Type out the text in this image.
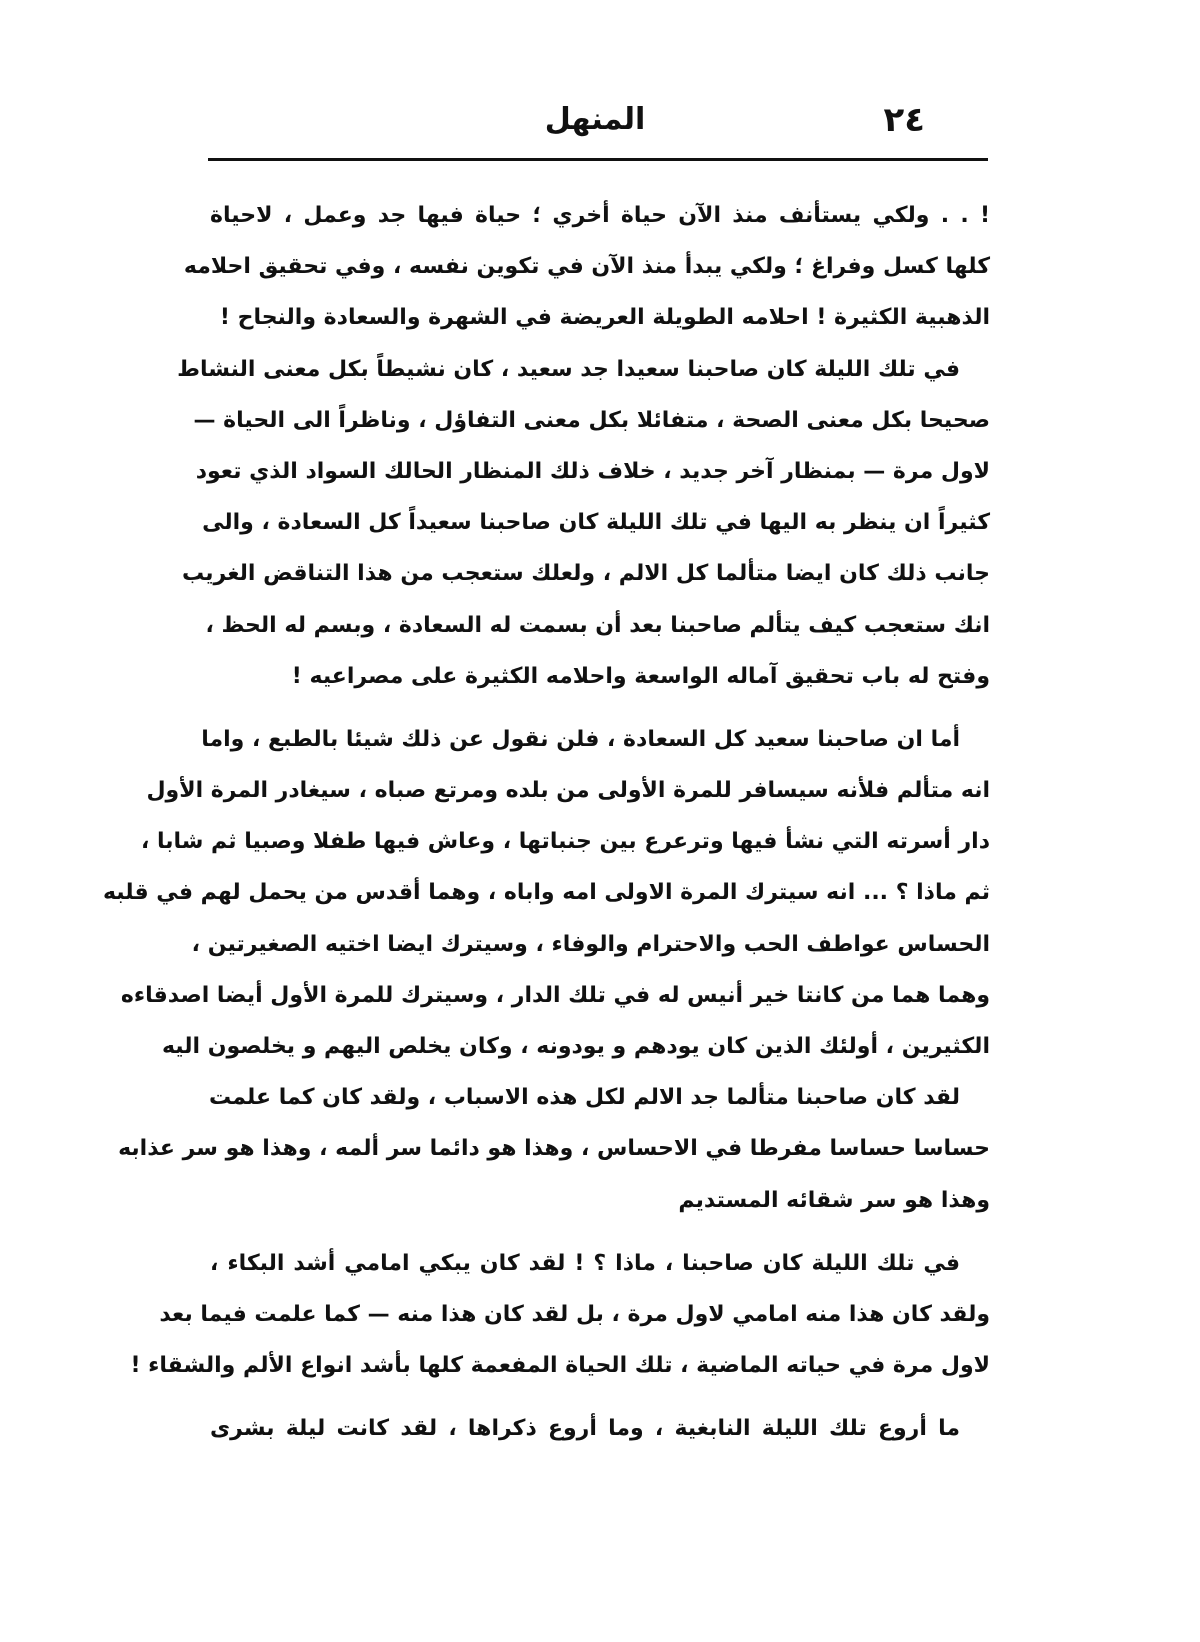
٢٤
المنهل
! . . ولكي يستأنف منذ الآن حياة أخري ؛ حياة فيها جد وعمل ، لاحياة
كلها كسل وفراغ ؛ ولكي يبدأ منذ الآن في تكوين نفسه ، وفي تحقيق احلامه
الذهبية الكثيرة ! احلامه الطويلة العريضة في الشهرة والسعادة والنجاح !
في تلك الليلة كان صاحبنا سعيدا جد سعيد ، كان نشيطاً بكل معنى النشاط
صحيحا بكل معنى الصحة ، متفائلا بكل معنى التفاؤل ، وناظراً الى الحياة —
لاول مرة — بمنظار آخر جديد ، خلاف ذلك المنظار الحالك السواد الذي تعود
كثيراً ان ينظر به اليها في تلك الليلة كان صاحبنا سعيداً كل السعادة ، والى
جانب ذلك كان ايضا متألما كل الالم ، ولعلك ستعجب من هذا التناقض الغريب
انك ستعجب كيف يتألم صاحبنا بعد أن بسمت له السعادة ، وبسم له الحظ ،
وفتح له باب تحقيق آماله الواسعة واحلامه الكثيرة على مصراعيه !
أما ان صاحبنا سعيد كل السعادة ، فلن نقول عن ذلك شيئا بالطبع ، واما
انه متألم فلأنه سيسافر للمرة الأولى من بلده ومرتع صباه ، سيغادر المرة الأول
دار أسرته التي نشأ فيها وترعرع بين جنباتها ، وعاش فيها طفلا وصبيا ثم شابا ،
ثم ماذا ؟ ... انه سيترك المرة الاولى امه واباه ، وهما أقدس من يحمل لهم في قلبه
الحساس عواطف الحب والاحترام والوفاء ، وسيترك ايضا اختيه الصغيرتين ،
وهما هما من كانتا خير أنيس له في تلك الدار ، وسيترك للمرة الأول أيضا اصدقاءه
الكثيرين ، أولئك الذين كان يودهم و يودونه ، وكان يخلص اليهم و يخلصون اليه
لقد كان صاحبنا متألما جد الالم لكل هذه الاسباب ، ولقد كان كما علمت
حساسا حساسا مفرطا في الاحساس ، وهذا هو دائما سر ألمه ، وهذا هو سر عذابه
وهذا هو سر شقائه المستديم
في تلك الليلة كان صاحبنا ، ماذا ؟ ! لقد كان يبكي امامي أشد البكاء ،
ولقد كان هذا منه امامي لاول مرة ، بل لقد كان هذا منه — كما علمت فيما بعد
لاول مرة في حياته الماضية ، تلك الحياة المفعمة كلها بأشد انواع الألم والشقاء !
ما أروع تلك الليلة النابغية ، وما أروع ذكراها ، لقد كانت ليلة بشرى
